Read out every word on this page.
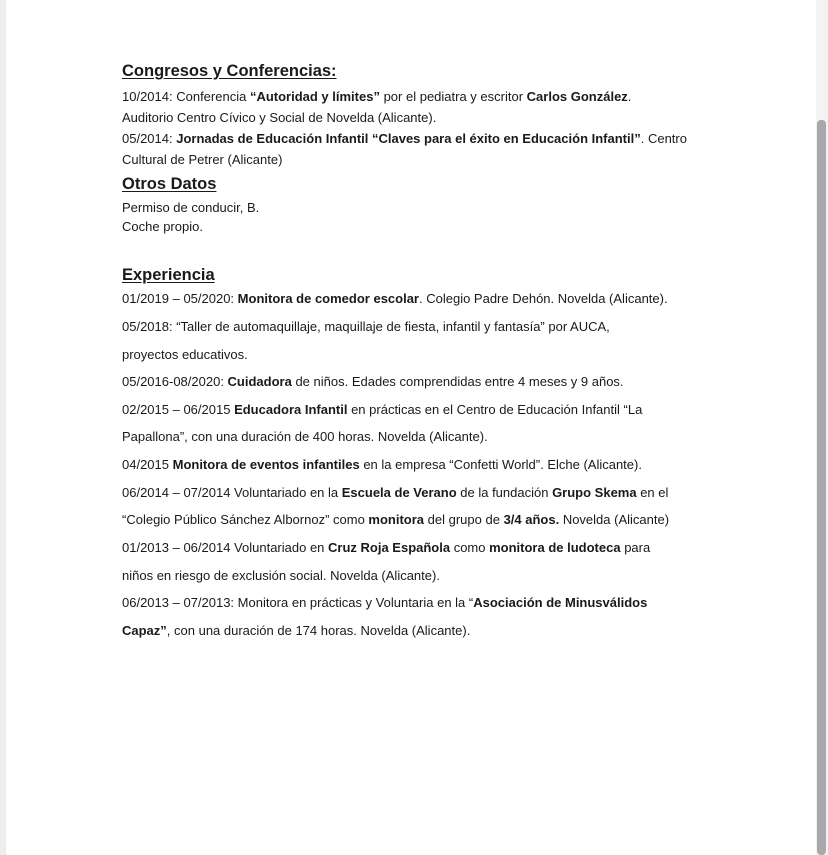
Congresos y Conferencias:
10/2014: Conferencia “Autoridad y límites” por el pediatra y escritor Carlos González.
Auditorio Centro Cívico y Social de Novelda (Alicante).
05/2014: Jornadas de Educación Infantil “Claves para el éxito en Educación Infantil”. Centro
Cultural de Petrer (Alicante)
Otros Datos
Permiso de conducir, B.
Coche propio.
Experiencia
01/2019 – 05/2020: Monitora de comedor escolar. Colegio Padre Dehón. Novelda (Alicante).
05/2018: “Taller de automaquillaje, maquillaje de fiesta, infantil y fantasía” por AUCA,
proyectos educativos.
05/2016-08/2020: Cuidadora de niños. Edades comprendidas entre 4 meses y 9 años.
02/2015 – 06/2015 Educadora Infantil en prácticas en el Centro de Educación Infantil “La
Papallona”, con una duración de 400 horas. Novelda (Alicante).
04/2015 Monitora de eventos infantiles en la empresa “Confetti World”. Elche (Alicante).
06/2014 – 07/2014 Voluntariado en la Escuela de Verano de la fundación Grupo Skema en el
“Colegio Público Sánchez Albornoz” como monitora del grupo de 3/4 años. Novelda (Alicante)
01/2013 – 06/2014 Voluntariado en Cruz Roja Española como monitora de ludoteca para
niños en riesgo de exclusión social. Novelda (Alicante).
06/2013 – 07/2013: Monitora en prácticas y Voluntaria en la “Asociación de Minusválidos
Capaz”, con una duración de 174 horas. Novelda (Alicante).
